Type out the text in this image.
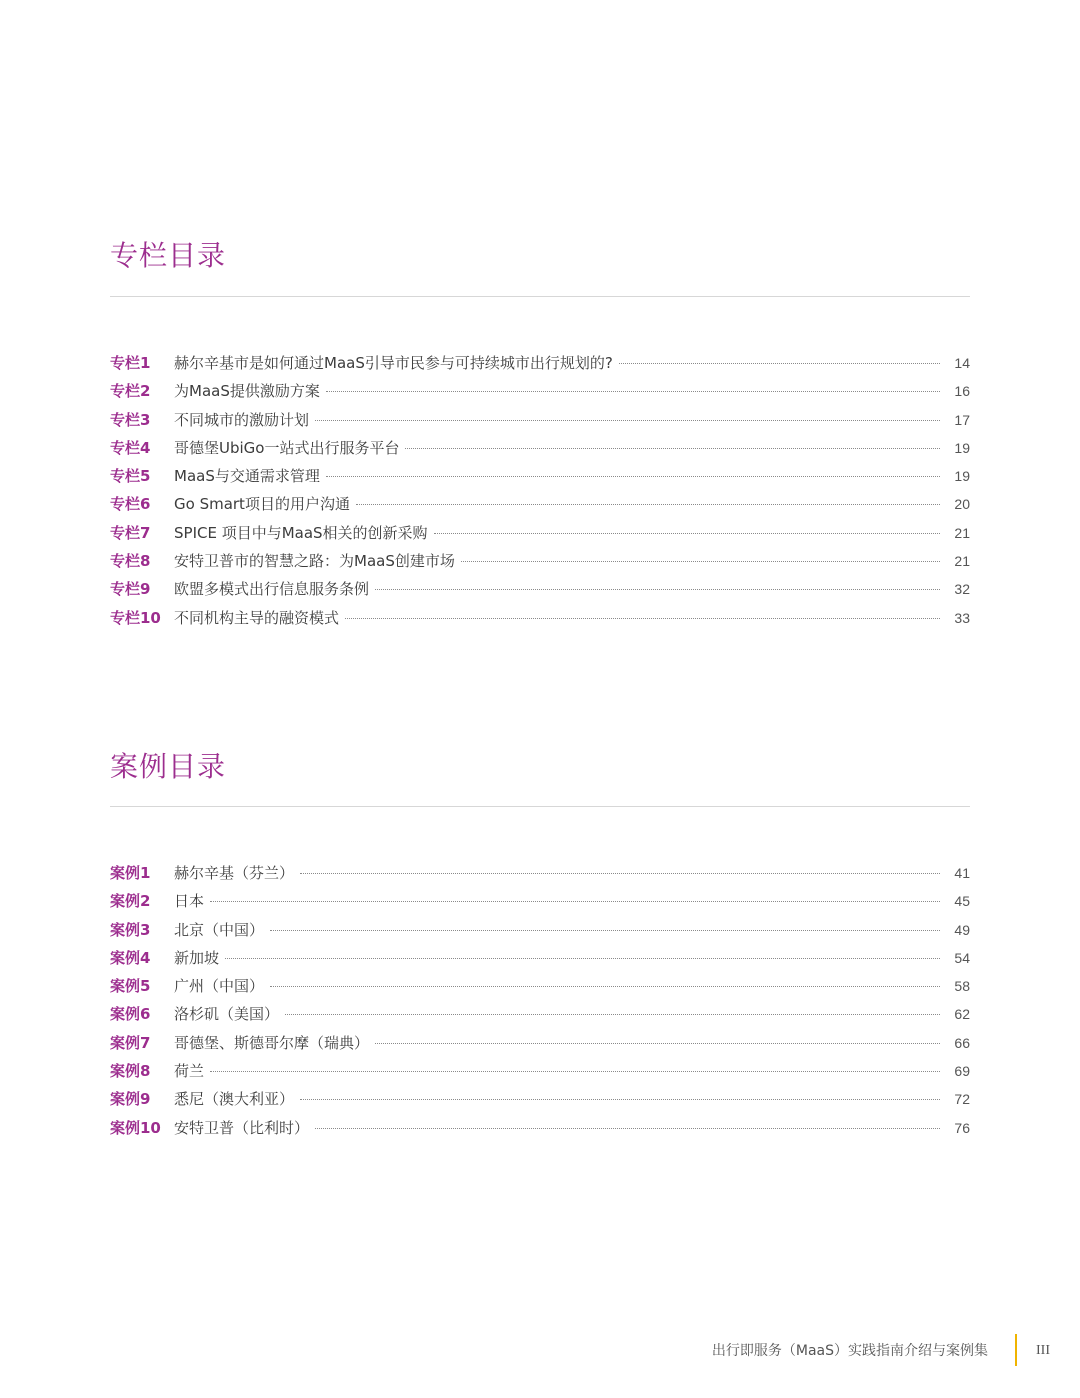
专栏目录
专栏1	赫尔辛基市是如何通过MaaS引导市民参与可持续城市出行规划的?	14
专栏2	为MaaS提供激励方案	16
专栏3	不同城市的激励计划	17
专栏4	哥德堡UbiGo一站式出行服务平台	19
专栏5	MaaS与交通需求管理	19
专栏6	Go Smart项目的用户沟通	20
专栏7	SPICE 项目中与MaaS相关的创新采购	21
专栏8	安特卫普市的智慧之路：为MaaS创建市场	21
专栏9	欧盟多模式出行信息服务条例	32
专栏10 不同机构主导的融资模式	33
案例目录
案例1	赫尔辛基（芬兰）	41
案例2	日本	45
案例3	北京（中国）	49
案例4	新加坡	54
案例5	广州（中国）	58
案例6	洛杉矶（美国）	62
案例7	哥德堡、斯德哥尔摩（瑞典）	66
案例8	荷兰	69
案例9	悉尼（澳大利亚）	72
案例10 安特卫普（比利时）	76
出行即服务（MaaS）实践指南介绍与案例集	III
